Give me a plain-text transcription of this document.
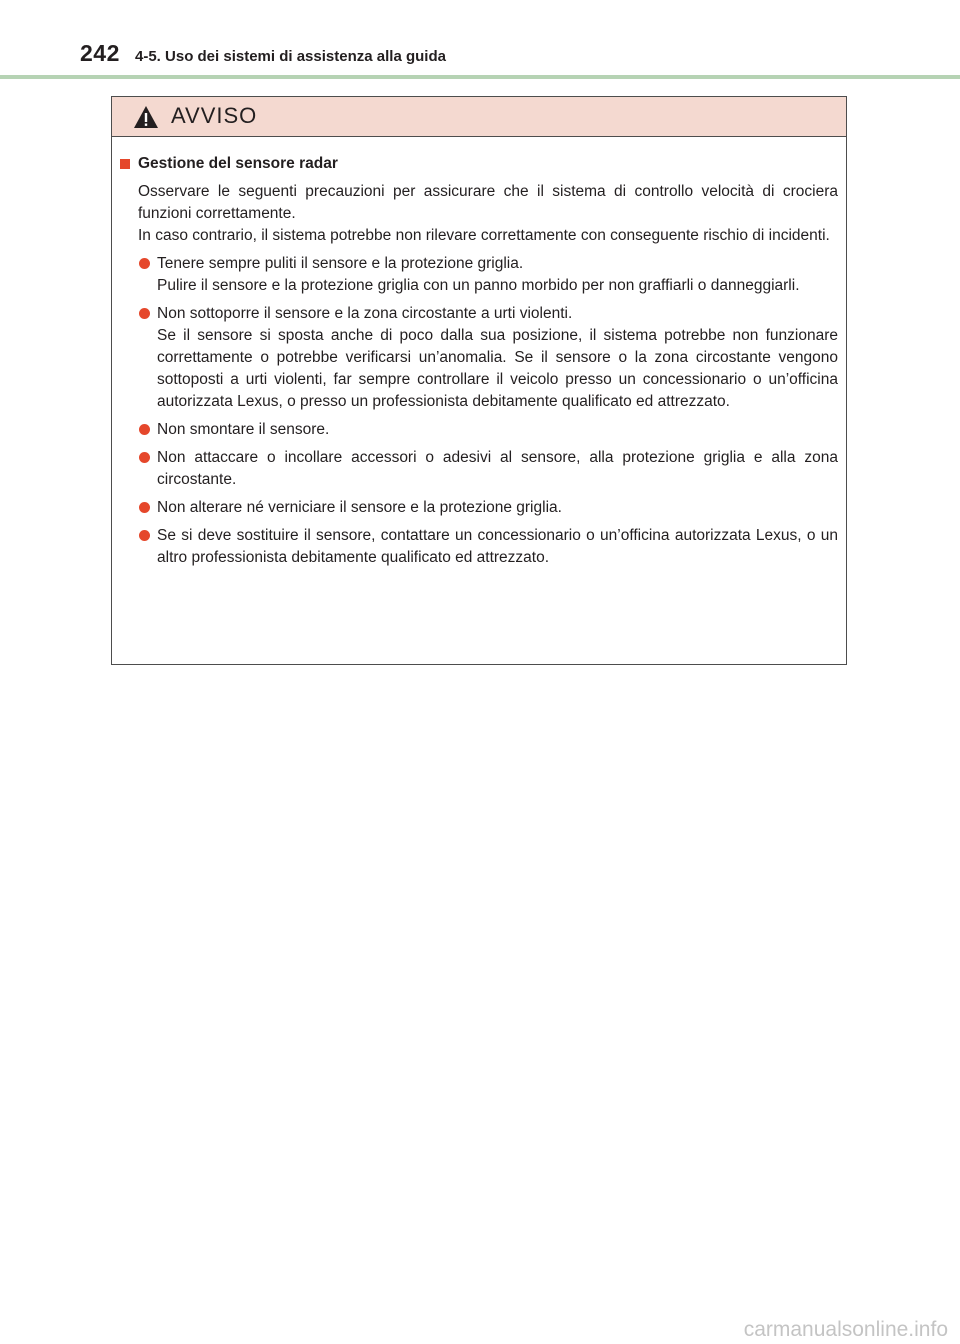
242 4-5. Uso dei sistemi di assistenza alla guida
AVVISO
Gestione del sensore radar

Osservare le seguenti precauzioni per assicurare che il sistema di controllo velocità di crociera funzioni correttamente.

In caso contrario, il sistema potrebbe non rilevare correttamente con conseguente rischio di incidenti.

Tenere sempre puliti il sensore e la protezione griglia.
Pulire il sensore e la protezione griglia con un panno morbido per non graffiarli o danneggiarli.
Non sottoporre il sensore e la zona circostante a urti violenti.
Se il sensore si sposta anche di poco dalla sua posizione, il sistema potrebbe non funzionare correttamente o potrebbe verificarsi un’anomalia. Se il sensore o la zona circostante vengono sottoposti a urti violenti, far sempre controllare il veicolo presso un concessionario o un’officina autorizzata Lexus, o presso un professionista debitamente qualificato ed attrezzato.
Non smontare il sensore.
Non attaccare o incollare accessori o adesivi al sensore, alla protezione griglia e alla zona circostante.
Non alterare né verniciare il sensore e la protezione griglia.
Se si deve sostituire il sensore, contattare un concessionario o un’officina autorizzata Lexus, o un altro professionista debitamente qualificato ed attrezzato.
carmanualsonline.info
